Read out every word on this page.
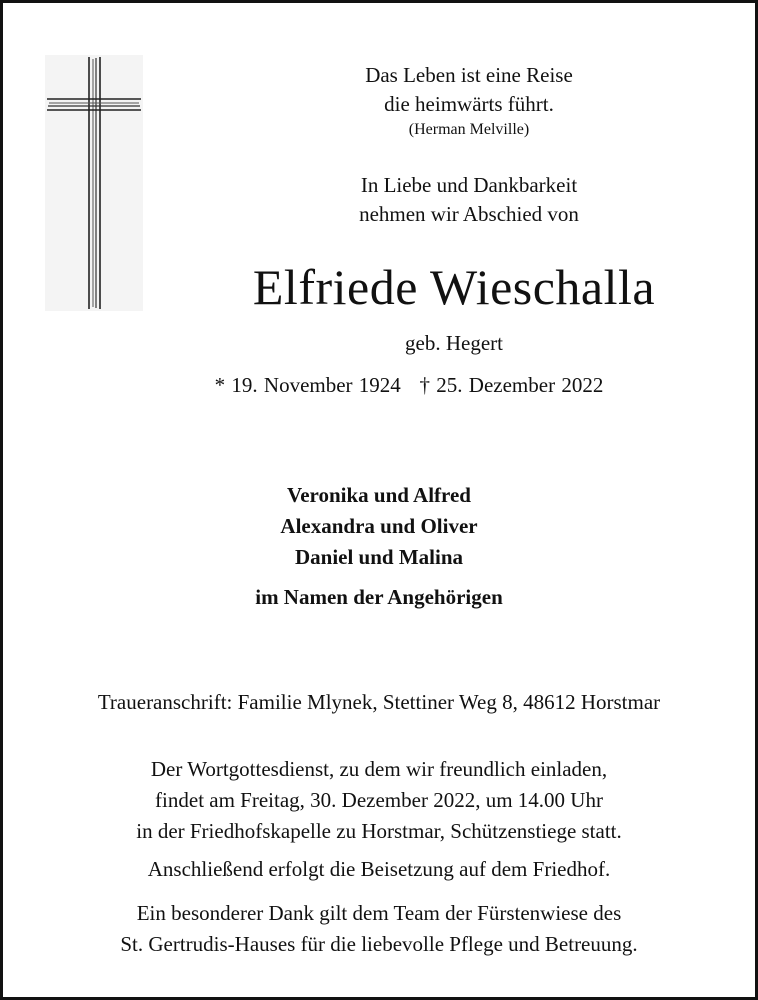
Das Leben ist eine Reise
die heimwärts führt.
(Herman Melville)
In Liebe und Dankbarkeit
nehmen wir Abschied von
Elfriede Wieschalla
geb. Hegert
* 19. November 1924   † 25. Dezember 2022
Veronika und Alfred
Alexandra und Oliver
Daniel und Malina
im Namen der Angehörigen
Traueranschrift: Familie Mlynek, Stettiner Weg 8, 48612 Horstmar
Der Wortgottesdienst, zu dem wir freundlich einladen,
findet am Freitag, 30. Dezember 2022, um 14.00 Uhr
in der Friedhofskapelle zu Horstmar, Schützenstiege statt.
Anschließend erfolgt die Beisetzung auf dem Friedhof.
Ein besonderer Dank gilt dem Team der Fürstenwiese des
St. Gertrudis-Hauses für die liebevolle Pflege und Betreuung.
